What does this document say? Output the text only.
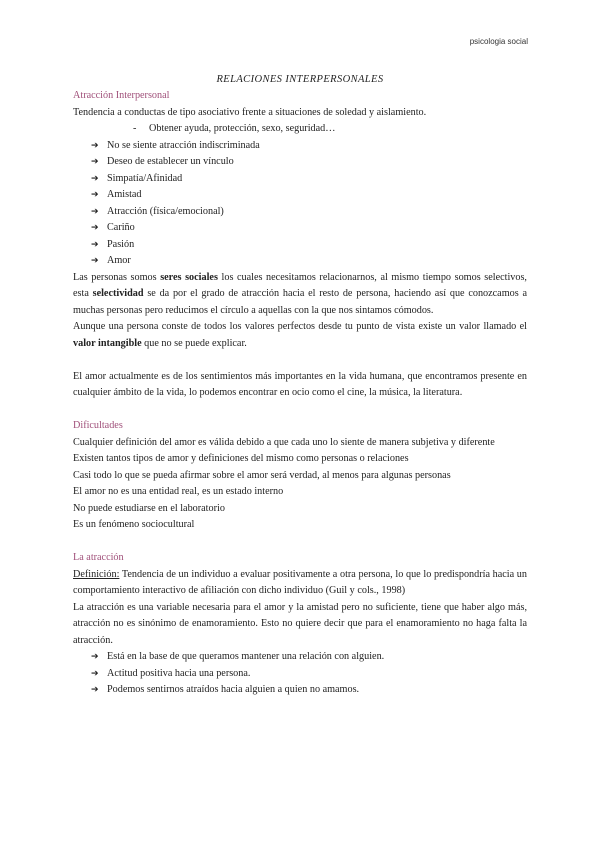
psicologia social

RELACIONES INTERPERSONALES

Atracción Interpersonal

Tendencia a conductas de tipo asociativo frente a situaciones de soledad y aislamiento.

- Obtener ayuda, protección, sexo, seguridad…
➔ No se siente atracción indiscriminada
➔ Deseo de establecer un vínculo
➔ Simpatía/Afinidad
➔ Amistad
➔ Atracción (física/emocional)
➔ Cariño
➔ Pasión
➔ Amor

Las personas somos seres sociales los cuales necesitamos relacionarnos, al mismo tiempo somos selectivos, esta selectividad se da por el grado de atracción hacia el resto de persona, haciendo así que conozcamos a muchas personas pero reducimos el círculo a aquellas con la que nos sintamos cómodos.

Aunque una persona conste de todos los valores perfectos desde tu punto de vista existe un valor llamado el valor intangible que no se puede explicar.

El amor actualmente es de los sentimientos más importantes en la vida humana, que encontramos presente en cualquier ámbito de la vida, lo podemos encontrar en ocio como el cine, la música, la literatura.

Dificultades

Cualquier definición del amor es válida debido a que cada uno lo siente de manera subjetiva y diferente

Existen tantos tipos de amor y definiciones del mismo como personas o relaciones

Casi todo lo que se pueda afirmar sobre el amor será verdad, al menos para algunas personas

El amor no es una entidad real, es un estado interno

No puede estudiarse en el laboratorio

Es un fenómeno sociocultural

La atracción

Definición: Tendencia de un individuo a evaluar positivamente a otra persona, lo que lo predispondría hacia un comportamiento interactivo de afiliación con dicho individuo (Guil y cols., 1998)

La atracción es una variable necesaria para el amor y la amistad pero no suficiente, tiene que haber algo más, atracción no es sinónimo de enamoramiento. Esto no quiere decir que para el enamoramiento no haga falta la atracción.

➔ Está en la base de que queramos mantener una relación con alguien.
➔ Actitud positiva hacia una persona.
➔ Podemos sentirnos atraídos hacia alguien a quien no amamos.
